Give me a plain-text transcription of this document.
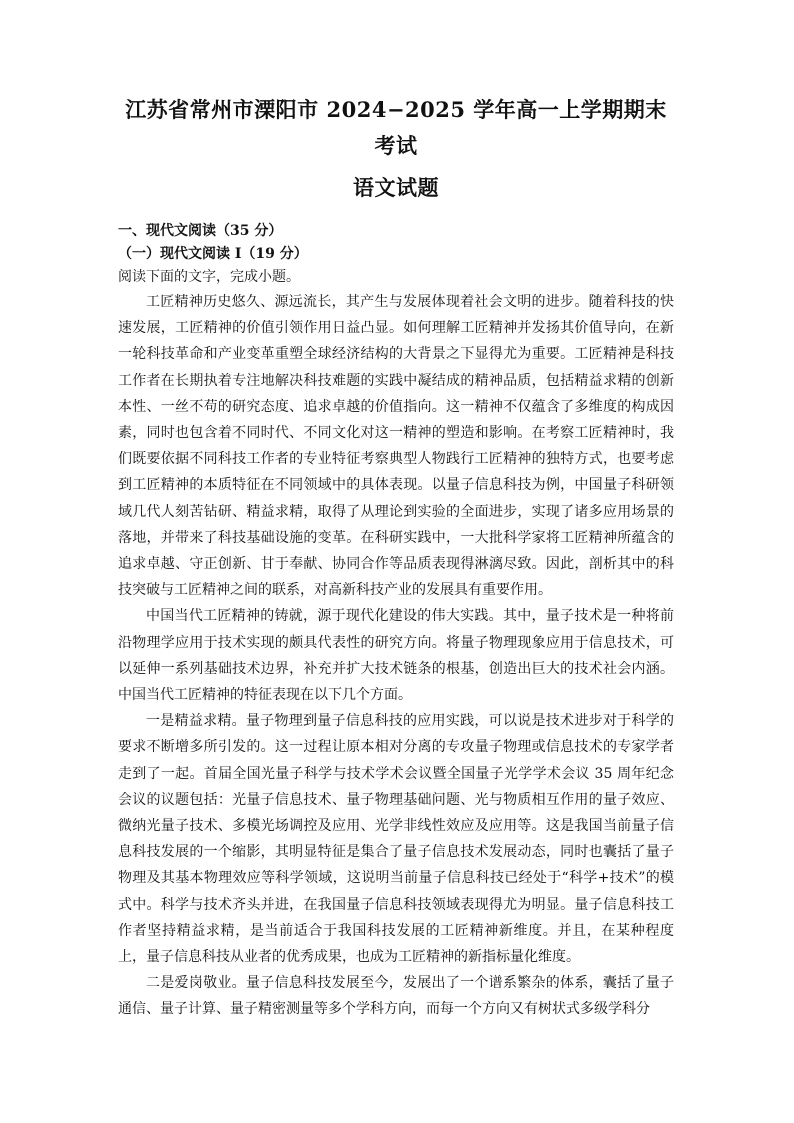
江苏省常州市溧阳市 2024−2025 学年高一上学期期末考试
语文试题

一、现代文阅读（35 分）

（一）现代文阅读 I（19 分）

阅读下面的文字，完成小题。

工匠精神历史悠久、源远流长，其产生与发展体现着社会文明的进步。随着科技的快速发展，工匠精神的价值引领作用日益凸显。如何理解工匠精神并发扬其价值导向，在新一轮科技革命和产业变革重塑全球经济结构的大背景之下显得尤为重要。工匠精神是科技工作者在长期执着专注地解决科技难题的实践中凝结成的精神品质，包括精益求精的创新本性、一丝不苟的研究态度、追求卓越的价值指向。这一精神不仅蕴含了多维度的构成因素，同时也包含着不同时代、不同文化对这一精神的塑造和影响。在考察工匠精神时，我们既要依据不同科技工作者的专业特征考察典型人物践行工匠精神的独特方式，也要考虑到工匠精神的本质特征在不同领域中的具体表现。以量子信息科技为例，中国量子科研领域几代人刻苦钻研、精益求精，取得了从理论到实验的全面进步，实现了诸多应用场景的落地，并带来了科技基础设施的变革。在科研实践中，一大批科学家将工匠精神所蕴含的追求卓越、守正创新、甘于奉献、协同合作等品质表现得淋漓尽致。因此，剖析其中的科技突破与工匠精神之间的联系，对高新科技产业的发展具有重要作用。

中国当代工匠精神的铸就，源于现代化建设的伟大实践。其中，量子技术是一种将前沿物理学应用于技术实现的颇具代表性的研究方向。将量子物理现象应用于信息技术，可以延伸一系列基础技术边界，补充并扩大技术链条的根基，创造出巨大的技术社会内涵。中国当代工匠精神的特征表现在以下几个方面。

一是精益求精。量子物理到量子信息科技的应用实践，可以说是技术进步对于科学的要求不断增多所引发的。这一过程让原本相对分离的专攻量子物理或信息技术的专家学者走到了一起。首届全国光量子科学与技术学术会议暨全国量子光学学术会议 35 周年纪念会议的议题包括：光量子信息技术、量子物理基础问题、光与物质相互作用的量子效应、微纳光量子技术、多模光场调控及应用、光学非线性效应及应用等。这是我国当前量子信息科技发展的一个缩影，其明显特征是集合了量子信息技术发展动态，同时也囊括了量子物理及其基本物理效应等科学领域，这说明当前量子信息科技已经处于“科学+技术”的模式中。科学与技术齐头并进，在我国量子信息科技领域表现得尤为明显。量子信息科技工作者坚持精益求精，是当前适合于我国科技发展的工匠精神新维度。并且，在某种程度上，量子信息科技从业者的优秀成果，也成为工匠精神的新指标量化维度。

二是爱岗敬业。量子信息科技发展至今，发展出了一个谱系繁杂的体系，囊括了量子通信、量子计算、量子精密测量等多个学科方向，而每一个方向又有树状式多级学科分
